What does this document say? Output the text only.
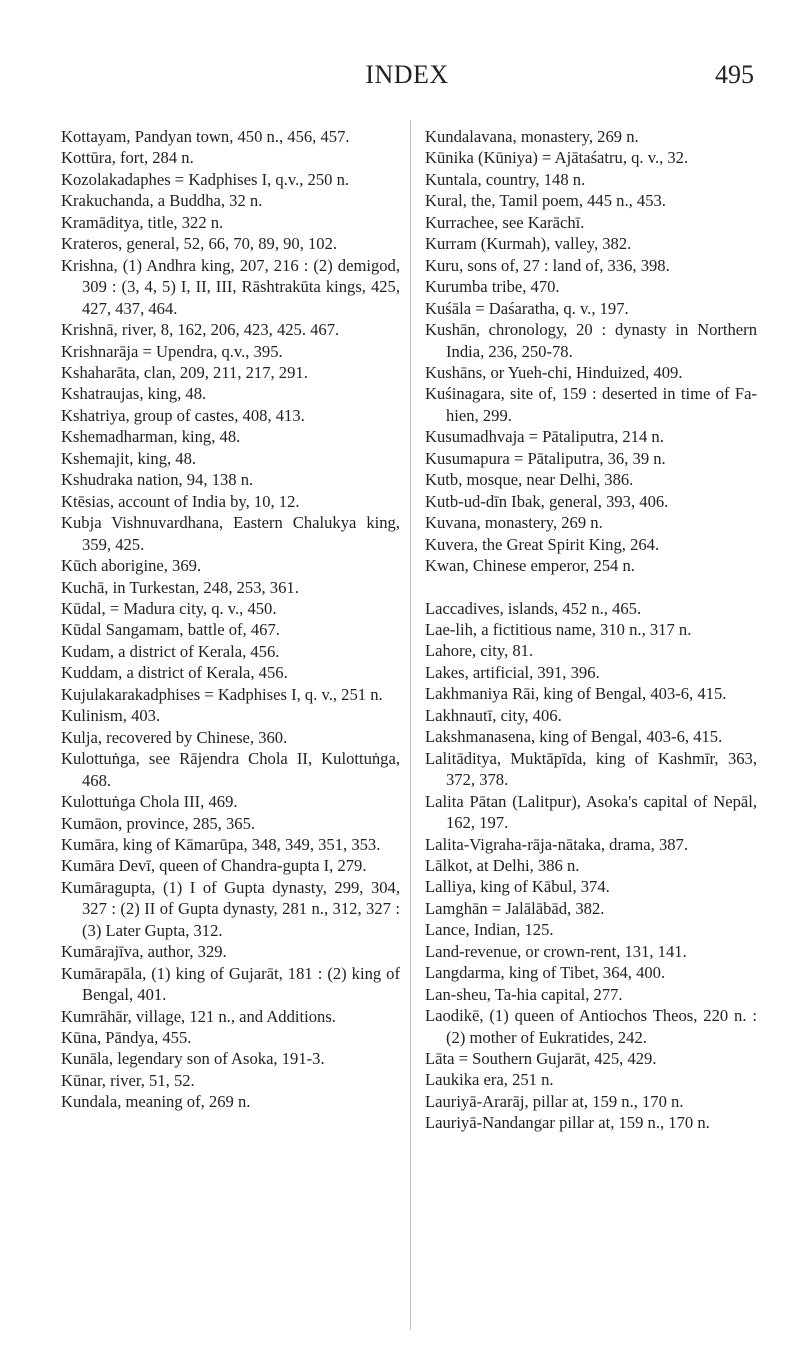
INDEX	495

Kottayam, Pandyan town, 450 n., 456, 457.

Kottūra, fort, 284 n.

Kozolakadaphes = Kadphises I, q.v., 250 n.

Krakuchanda, a Buddha, 32 n.

Kramāditya, title, 322 n.

Krateros, general, 52, 66, 70, 89, 90, 102.

Krishna, (1) Andhra king, 207, 216 : (2) demigod, 309 : (3, 4, 5) I, II, III, Rāshtrakūta kings, 425, 427, 437, 464.

Krishnā, river, 8, 162, 206, 423, 425. 467.

Krishnarāja = Upendra, q.v., 395.

Kshaharāta, clan, 209, 211, 217, 291.

Kshatraujas, king, 48.

Kshatriya, group of castes, 408, 413.

Kshemadharman, king, 48.

Kshemajit, king, 48.

Kshudraka nation, 94, 138 n.

Ktēsias, account of India by, 10, 12.

Kubja Vishnuvardhana, Eastern Chalukya king, 359, 425.

Kūch aborigine, 369.

Kuchā, in Turkestan, 248, 253, 361.

Kūdal, = Madura city, q. v., 450.

Kūdal Sangamam, battle of, 467.

Kudam, a district of Kerala, 456.

Kuddam, a district of Kerala, 456.

Kujulakarakadphises = Kadphises I, q. v., 251 n.

Kulinism, 403.

Kulja, recovered by Chinese, 360.

Kulottuṅga, see Rājendra Chola II, Kulottuṅga, 468.

Kulottuṅga Chola III, 469.

Kumāon, province, 285, 365.

Kumāra, king of Kāmarūpa, 348, 349, 351, 353.

Kumāra Devī, queen of Chandra-gupta I, 279.

Kumāragupta, (1) I of Gupta dynasty, 299, 304, 327 : (2) II of Gupta dynasty, 281 n., 312, 327 : (3) Later Gupta, 312.

Kumārajīva, author, 329.

Kumārapāla, (1) king of Gujarāt, 181 : (2) king of Bengal, 401.

Kumrāhār, village, 121 n., and Additions.

Kūna, Pāndya, 455.

Kunāla, legendary son of Asoka, 191-3.

Kūnar, river, 51, 52.

Kundala, meaning of, 269 n.

Kundalavana, monastery, 269 n.

Kūnika (Kūniya) = Ajātaśatru, q. v., 32.

Kuntala, country, 148 n.

Kural, the, Tamil poem, 445 n., 453.

Kurrachee, see Karāchī.

Kurram (Kurmah), valley, 382.

Kuru, sons of, 27 : land of, 336, 398.

Kurumba tribe, 470.

Kuśāla = Daśaratha, q. v., 197.

Kushān, chronology, 20 : dynasty in Northern India, 236, 250-78.

Kushāns, or Yueh-chi, Hinduized, 409.

Kuśinagara, site of, 159 : deserted in time of Fa-hien, 299.

Kusumadhvaja = Pātaliputra, 214 n.

Kusumapura = Pātaliputra, 36, 39 n.

Kutb, mosque, near Delhi, 386.

Kutb-ud-dīn Ibak, general, 393, 406.

Kuvana, monastery, 269 n.

Kuvera, the Great Spirit King, 264.

Kwan, Chinese emperor, 254 n.

Laccadives, islands, 452 n., 465.

Lae-lih, a fictitious name, 310 n., 317 n.

Lahore, city, 81.

Lakes, artificial, 391, 396.

Lakhmaniya Rāi, king of Bengal, 403-6, 415.

Lakhnautī, city, 406.

Lakshmanasena, king of Bengal, 403-6, 415.

Lalitāditya, Muktāpīda, king of Kashmīr, 363, 372, 378.

Lalita Pātan (Lalitpur), Asoka's capital of Nepāl, 162, 197.

Lalita-Vigraha-rāja-nātaka, drama, 387.

Lālkot, at Delhi, 386 n.

Lalliya, king of Kābul, 374.

Lamghān = Jalālābād, 382.

Lance, Indian, 125.

Land-revenue, or crown-rent, 131, 141.

Langdarma, king of Tibet, 364, 400.

Lan-sheu, Ta-hia capital, 277.

Laodikē, (1) queen of Antiochos Theos, 220 n. : (2) mother of Eukratides, 242.

Lāta = Southern Gujarāt, 425, 429.

Laukika era, 251 n.

Lauriyā-Ararāj, pillar at, 159 n., 170 n.

Lauriyā-Nandangar pillar at, 159 n., 170 n.
